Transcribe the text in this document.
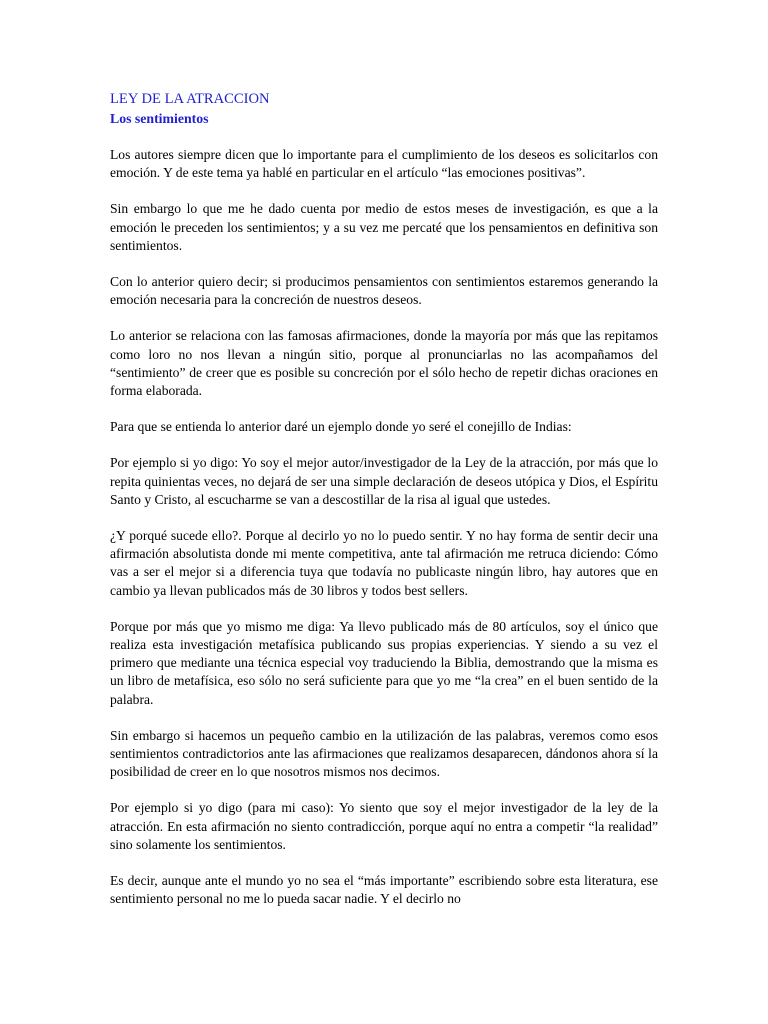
LEY DE LA ATRACCION
Los sentimientos

Los autores siempre dicen que lo importante para el cumplimiento de los deseos es solicitarlos con emoción. Y de este tema ya hablé en particular en el artículo “las emociones positivas”.

Sin embargo lo que me he dado cuenta por medio de estos meses de investigación, es que a la emoción le preceden los sentimientos; y a su vez me percaté que los pensamientos en definitiva son sentimientos.

Con lo anterior quiero decir; si producimos pensamientos con sentimientos estaremos generando la emoción necesaria para la concreción de nuestros deseos.

Lo anterior se relaciona con las famosas afirmaciones, donde la mayoría por más que las repitamos como loro no nos llevan a ningún sitio, porque al pronunciarlas no las acompañamos del “sentimiento” de creer que es posible su concreción por el sólo hecho de repetir dichas oraciones en forma elaborada.

Para que se entienda lo anterior daré un ejemplo donde yo seré el conejillo de Indias:

Por ejemplo si yo digo: Yo soy el mejor autor/investigador de la Ley de la atracción, por más que lo repita quinientas veces, no dejará de ser una simple declaración de deseos utópica y Dios, el Espíritu Santo y Cristo, al escucharme se van a descostillar de la risa al igual que ustedes.

¿Y porqué sucede ello?. Porque al decirlo yo no lo puedo sentir. Y no hay forma de sentir decir una afirmación absolutista donde mi mente competitiva, ante tal afirmación me retruca diciendo: Cómo vas a ser el mejor si a diferencia tuya que todavía no publicaste ningún libro, hay autores que en cambio ya llevan publicados más de 30 libros y todos best sellers.

Porque por más que yo mismo me diga: Ya llevo publicado más de 80 artículos, soy el único que realiza esta investigación metafísica publicando sus propias experiencias. Y siendo a su vez el primero que mediante una técnica especial voy traduciendo la Biblia, demostrando que la misma es un libro de metafísica, eso sólo no será suficiente para que yo me “la crea” en el buen sentido de la palabra.

Sin embargo si hacemos un pequeño cambio en la utilización de las palabras, veremos como esos sentimientos contradictorios ante las afirmaciones que realizamos desaparecen, dándonos ahora sí la posibilidad de creer en lo que nosotros mismos nos decimos.

Por ejemplo si yo digo (para mi caso): Yo siento que soy el mejor investigador de la ley de la atracción. En esta afirmación no siento contradicción, porque aquí no entra a competir “la realidad” sino solamente los sentimientos.

Es decir, aunque ante el mundo yo no sea el “más importante” escribiendo sobre esta literatura, ese sentimiento personal no me lo pueda sacar nadie. Y el decirlo no
